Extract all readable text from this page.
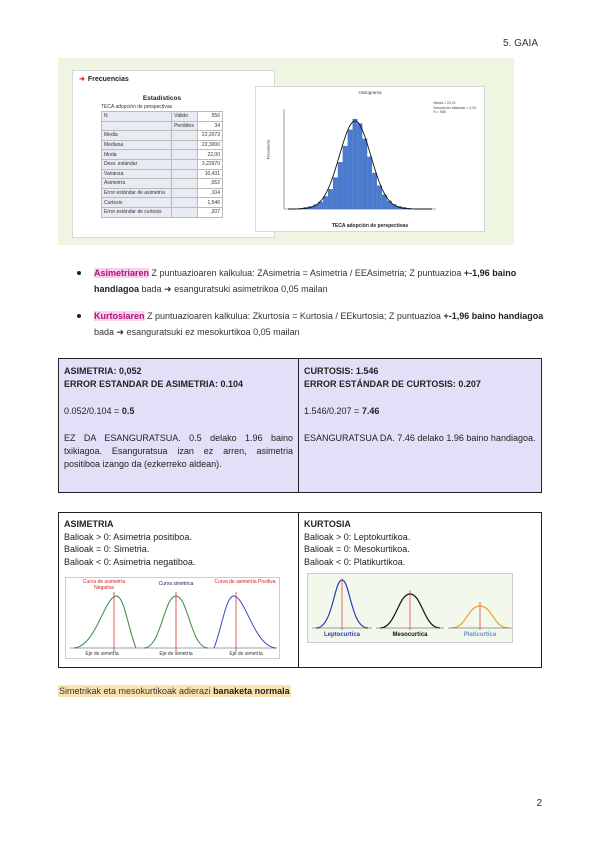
5. GAIA
➜ Frecuencias
Estadísticos
TECA adopción de perspectivas
N	Válido	556
	Perdidos	34
Media		22,2073
Mediana		22,3000
Moda		22,00
Desv. estándar		3,22970
Varianza		10,431
Asimetría		,052
Error estándar de asimetría		,104
Curtosis		1,546
Error estándar de curtosis		,207
Histograma
Media = 22,21
Desviación estándar = 3,23
N = 556
Frecuencia
TECA adopción de perspectivas
Asimetriaren Z puntuazioaren kalkulua: ZAsimetria = Asimetria / EEAsimetria; Z puntuazioa +-1,96 baino handiagoa bada ➜ esanguratsuki asimetrikoa 0,05 mailan
Kurtosiaren Z puntuazioaren kalkulua: Zkurtosia = Kurtosia / EEkurtosia; Z puntuazioa +-1,96 baino handiagoa bada ➜ esanguratsuki ez mesokurtikoa 0,05 mailan
ASIMETRIA: 0,052
ERROR ESTANDAR DE ASIMETRIA: 0.104
0.052/0.104 = 0.5
EZ DA ESANGURATSUA. 0.5 delako 1.96 baino txikiagoa. Esanguratsua izan ez arren, asimetria positiboa izango da (ezkerreko aldean).
CURTOSIS: 1.546
ERROR ESTÁNDAR DE CURTOSIS: 0.207
1.546/0.207 = 7.46
ESANGURATSUA DA. 7.46 delako 1.96 baino handiagoa.
ASIMETRIA
Balioak > 0: Asimetria positiboa.
Balioak = 0: Simetria.
Balioak < 0: Asimetria negatiboa.
Curva de asimetría Negativa
Curva simétrica	Curva de asimetría Positiva
Eje de simetría	Eje de simetría	Eje de simetría
KURTOSIA
Balioak > 0: Leptokurtikoa.
Balioak = 0: Mesokurtikoa.
Balioak < 0: Platikurtikoa.
Leptocurtica	Mesocurtica	Platicurtica
Simetrikak eta mesokurtikoak adierazi banaketa normala
2
